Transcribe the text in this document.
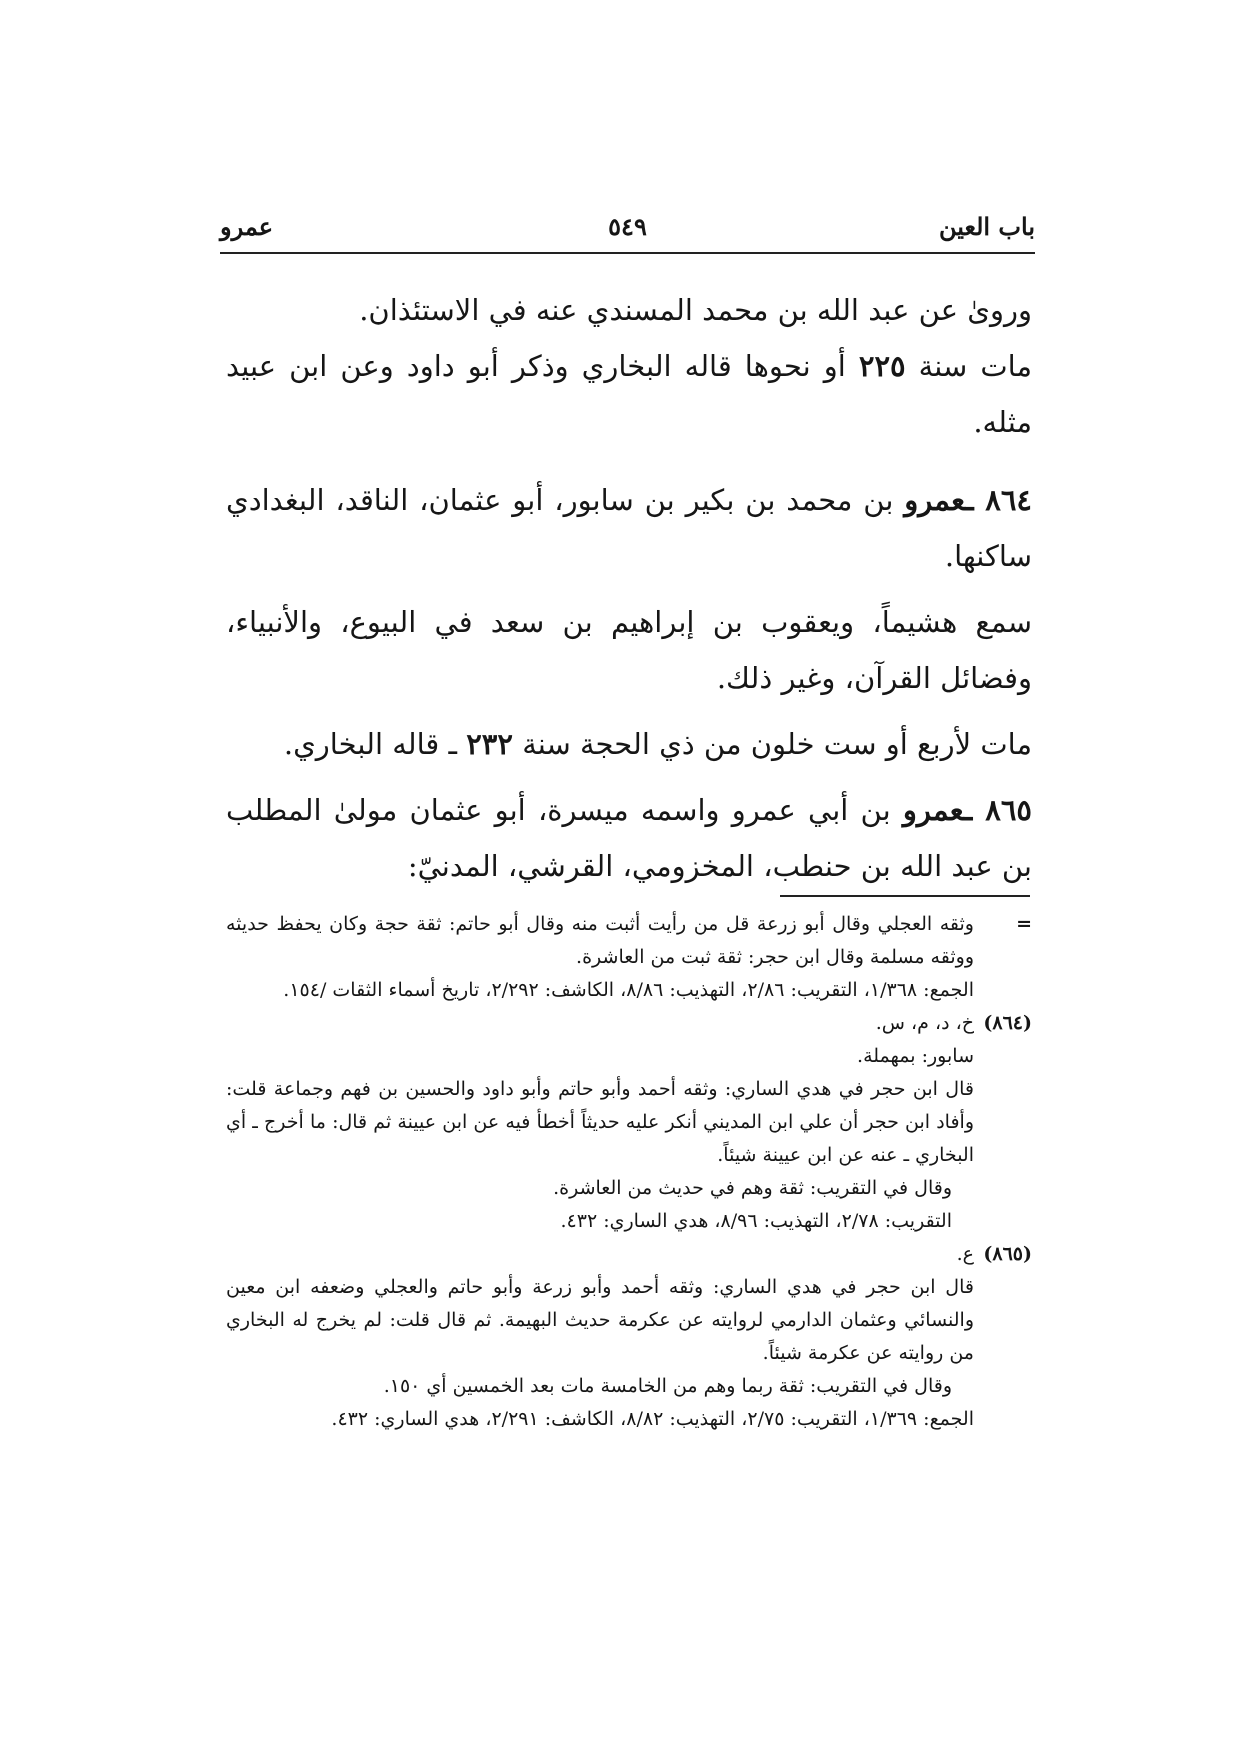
باب العين
٥٤٩
عمرو

وروىٰ عن عبد الله بن محمد المسندي عنه في الاستئذان.

مات سنة ٢٢٥ أو نحوها قاله البخاري وذكر أبو داود وعن ابن عبيد مثله.

٨٦٤ ـعمرو بن محمد بن بكير بن سابور، أبو عثمان، الناقد، البغدادي ساكنها.

سمع هشيماً، ويعقوب بن إبراهيم بن سعد في البيوع، والأنبياء، وفضائل القرآن، وغير ذلك.

مات لأربع أو ست خلون من ذي الحجة سنة ٢٣٢ ـ قاله البخاري.

٨٦٥ ـعمرو بن أبي عمرو واسمه ميسرة، أبو عثمان مولىٰ المطلب بن عبد الله بن حنطب، المخزومي، القرشي، المدنيّ:

=

وثقه العجلي وقال أبو زرعة قل من رأيت أثبت منه وقال أبو حاتم: ثقة حجة وكان يحفظ حديثه ووثقه مسلمة وقال ابن حجر: ثقة ثبت من العاشرة.

الجمع: ١/٣٦٨، التقريب: ٢/٨٦، التهذيب: ٨/٨٦، الكاشف: ٢/٢٩٢، تاريخ أسماء الثقات /١٥٤.

(٨٦٤)

خ، د، م، س.

سابور: بمهملة.

قال ابن حجر في هدي الساري: وثقه أحمد وأبو حاتم وأبو داود والحسين بن فهم وجماعة قلت: وأفاد ابن حجر أن علي ابن المديني أنكر عليه حديثاً أخطأ فيه عن ابن عيينة ثم قال: ما أخرج ـ أي البخاري ـ عنه عن ابن عيينة شيئاً.

وقال في التقريب: ثقة وهم في حديث من العاشرة.

التقريب: ٢/٧٨، التهذيب: ٨/٩٦، هدي الساري: ٤٣٢.

(٨٦٥)

ع.

قال ابن حجر في هدي الساري: وثقه أحمد وأبو زرعة وأبو حاتم والعجلي وضعفه ابن معين والنسائي وعثمان الدارمي لروايته عن عكرمة حديث البهيمة. ثم قال قلت: لم يخرج له البخاري من روايته عن عكرمة شيئاً.

وقال في التقريب: ثقة ربما وهم من الخامسة مات بعد الخمسين أي ١٥٠.

الجمع: ١/٣٦٩، التقريب: ٢/٧٥، التهذيب: ٨/٨٢، الكاشف: ٢/٢٩١، هدي الساري: ٤٣٢.
